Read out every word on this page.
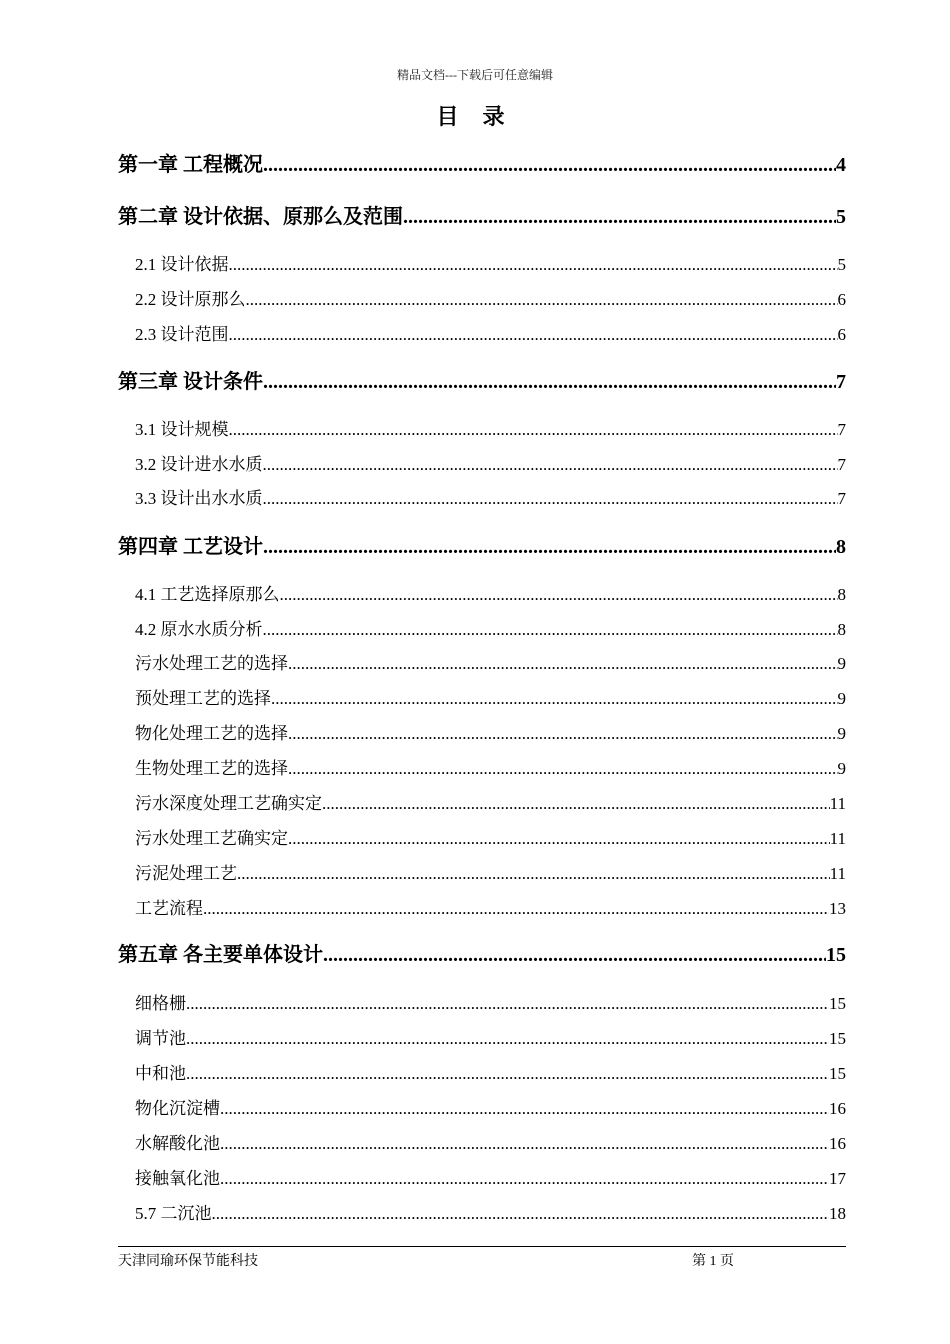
精品文档---下载后可任意编辑
目录
第一章 工程概况 .....	4
第二章 设计依据、原那么及范围 .....	5
2.1 设计依据 .....	5
2.2 设计原那么 .....	6
2.3 设计范围 .....	6
第三章 设计条件 .....	7
3.1 设计规模 .....	7
3.2 设计进水水质 .....	7
3.3 设计出水水质 .....	7
第四章 工艺设计 .....	8
4.1 工艺选择原那么 .....	8
4.2 原水水质分析 .....	8
污水处理工艺的选择 .....	9
预处理工艺的选择 .....	9
物化处理工艺的选择 .....	9
生物处理工艺的选择 .....	9
污水深度处理工艺确实定 .....	11
污水处理工艺确实定 .....	11
污泥处理工艺 .....	11
工艺流程 .....	13
第五章 各主要单体设计 .....	15
细格栅 .....	15
调节池 .....	15
中和池 .....	15
物化沉淀槽 .....	16
水解酸化池 .....	16
接触氧化池 .....	17
5.7 二沉池 .....	18
天津同瑜环保节能科技	第 1 页
